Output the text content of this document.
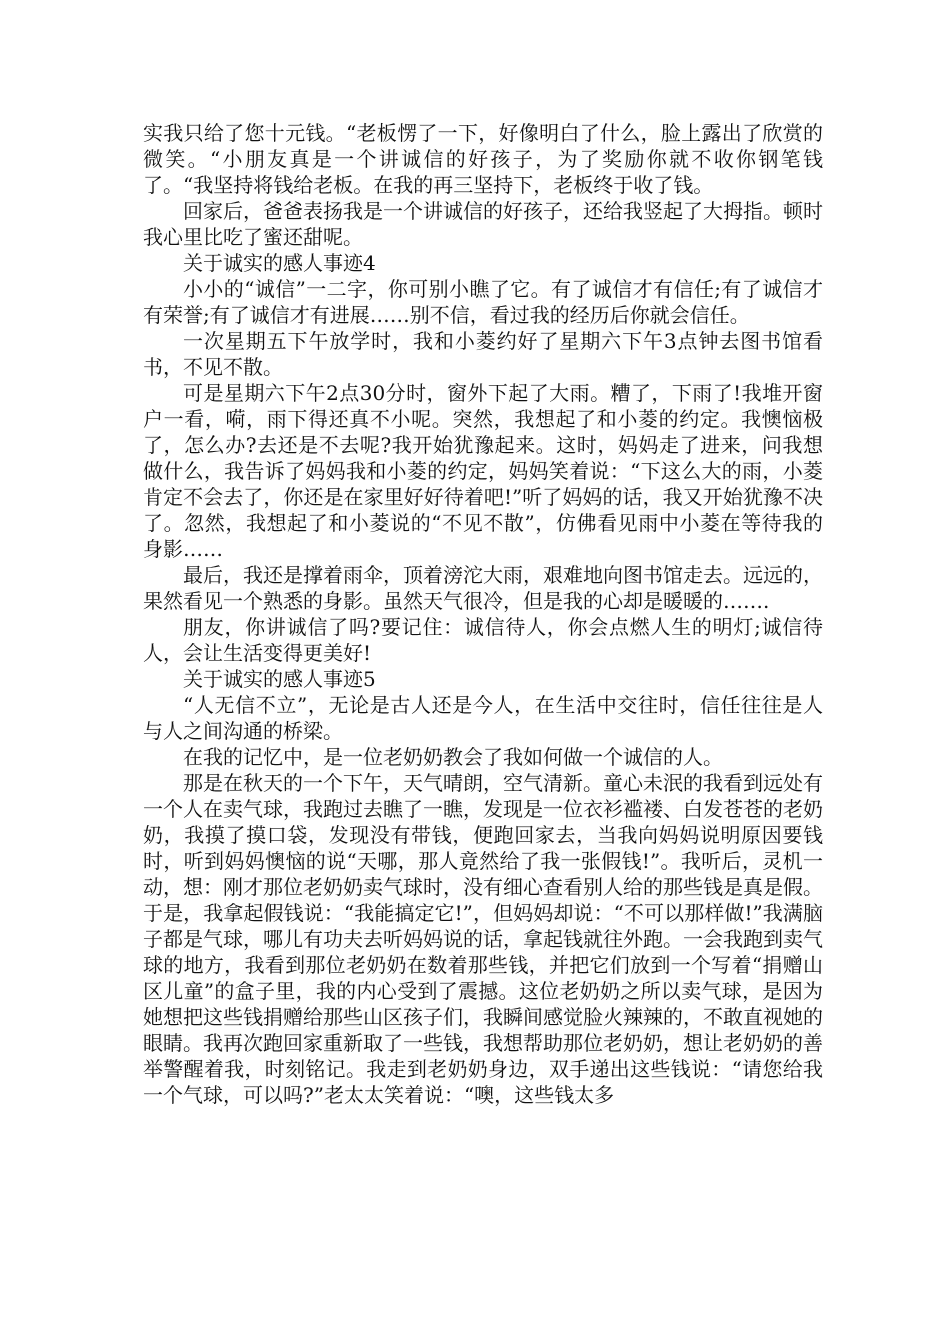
实我只给了您十元钱。“老板愣了一下，好像明白了什么，脸上露出了欣赏的微笑。“小朋友真是一个讲诚信的好孩子，为了奖励你就不收你钢笔钱了。“我坚持将钱给老板。在我的再三坚持下，老板终于收了钱。

回家后，爸爸表扬我是一个讲诚信的好孩子，还给我竖起了大拇指。顿时我心里比吃了蜜还甜呢。

关于诚实的感人事迹4

小小的“诚信”一二字，你可别小瞧了它。有了诚信才有信任;有了诚信才有荣誉;有了诚信才有进展……别不信，看过我的经历后你就会信任。

一次星期五下午放学时，我和小菱约好了星期六下午3点钟去图书馆看书，不见不散。

可是星期六下午2点30分时，窗外下起了大雨。糟了，下雨了!我堆开窗户一看，嗬，雨下得还真不小呢。突然，我想起了和小菱的约定。我懊恼极了，怎么办?去还是不去呢?我开始犹豫起来。这时，妈妈走了进来，问我想做什么，我告诉了妈妈我和小菱的约定，妈妈笑着说：“下这么大的雨，小菱肯定不会去了，你还是在家里好好待着吧!”听了妈妈的话，我又开始犹豫不决了。忽然，我想起了和小菱说的“不见不散”，仿佛看见雨中小菱在等待我的身影……

最后，我还是撑着雨伞，顶着滂沱大雨，艰难地向图书馆走去。远远的，果然看见一个熟悉的身影。虽然天气很冷，但是我的心却是暖暖的…….

朋友，你讲诚信了吗?要记住：诚信待人，你会点燃人生的明灯;诚信待人，会让生活变得更美好!

关于诚实的感人事迹5

“人无信不立”，无论是古人还是今人，在生活中交往时，信任往往是人与人之间沟通的桥梁。

在我的记忆中，是一位老奶奶教会了我如何做一个诚信的人。

那是在秋天的一个下午，天气晴朗，空气清新。童心未泯的我看到远处有一个人在卖气球，我跑过去瞧了一瞧，发现是一位衣衫褴褛、白发苍苍的老奶奶，我摸了摸口袋，发现没有带钱，便跑回家去，当我向妈妈说明原因要钱时，听到妈妈懊恼的说“天哪，那人竟然给了我一张假钱!”。我听后，灵机一动，想：刚才那位老奶奶卖气球时，没有细心查看别人给的那些钱是真是假。于是，我拿起假钱说：“我能搞定它!”，但妈妈却说：“不可以那样做!”我满脑子都是气球，哪儿有功夫去听妈妈说的话，拿起钱就往外跑。一会我跑到卖气球的地方，我看到那位老奶奶在数着那些钱，并把它们放到一个写着“捐赠山区儿童”的盒子里，我的内心受到了震撼。这位老奶奶之所以卖气球，是因为她想把这些钱捐赠给那些山区孩子们，我瞬间感觉脸火辣辣的，不敢直视她的眼睛。我再次跑回家重新取了一些钱，我想帮助那位老奶奶，想让老奶奶的善举警醒着我，时刻铭记。我走到老奶奶身边，双手递出这些钱说：“请您给我一个气球，可以吗?”老太太笑着说：“噢，这些钱太多
